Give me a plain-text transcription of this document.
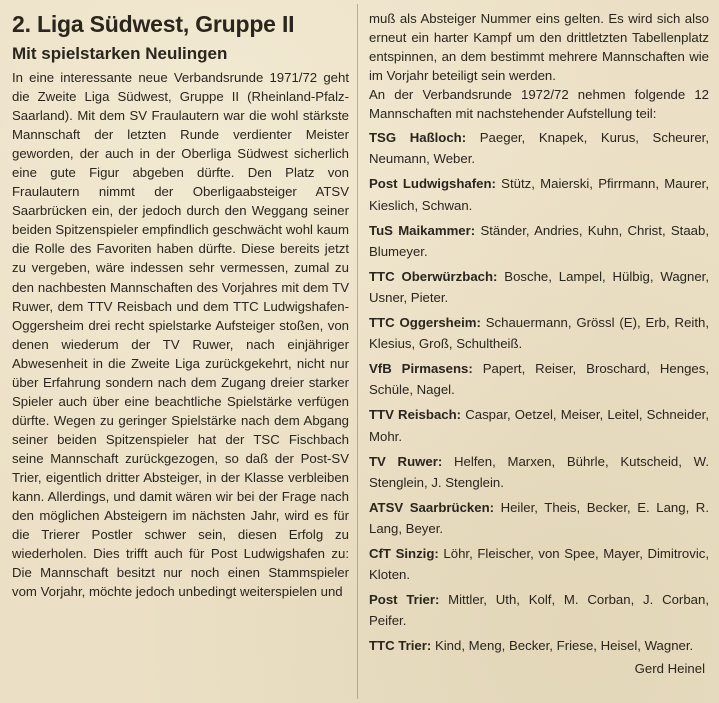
2. Liga Südwest, Gruppe II
Mit spielstarken Neulingen

In eine interessante neue Verbandsrunde 1971/72 geht die Zweite Liga Südwest, Gruppe II (Rheinland-Pfalz-Saarland). Mit dem SV Fraulautern war die wohl stärkste Mannschaft der letzten Runde verdienter Meister geworden, der auch in der Oberliga Südwest sicherlich eine gute Figur abgeben dürfte. Den Platz von Fraulautern nimmt der Oberligaabsteiger ATSV Saarbrücken ein, der jedoch durch den Weggang seiner beiden Spitzenspieler empfindlich geschwächt wohl kaum die Rolle des Favoriten haben dürfte. Diese bereits jetzt zu vergeben, wäre indessen sehr vermessen, zumal zu den nachbesten Mannschaften des Vorjahres mit dem TV Ruwer, dem TTV Reisbach und dem TTC Ludwigshafen-Oggersheim drei recht spielstarke Aufsteiger stoßen, von denen wiederum der TV Ruwer, nach einjähriger Abwesenheit in die Zweite Liga zurückgekehrt, nicht nur über Erfahrung sondern nach dem Zugang dreier starker Spieler auch über eine beachtliche Spielstärke verfügen dürfte. Wegen zu geringer Spielstärke nach dem Abgang seiner beiden Spitzenspieler hat der TSC Fischbach seine Mannschaft zurückgezogen, so daß der Post-SV Trier, eigentlich dritter Absteiger, in der Klasse verbleiben kann. Allerdings, und damit wären wir bei der Frage nach den möglichen Absteigern im nächsten Jahr, wird es für die Trierer Postler schwer sein, diesen Erfolg zu wiederholen. Dies trifft auch für Post Ludwigshafen zu: Die Mannschaft besitzt nur noch einen Stammspieler vom Vorjahr, möchte jedoch unbedingt weiterspielen und

muß als Absteiger Nummer eins gelten. Es wird sich also erneut ein harter Kampf um den drittletzten Tabellenplatz entspinnen, an dem bestimmt mehrere Mannschaften wie im Vorjahr beteiligt sein werden.

An der Verbandsrunde 1972/72 nehmen folgende 12 Mannschaften mit nachstehender Aufstellung teil:

TSG Haßloch: Paeger, Knapek, Kurus, Scheurer, Neumann, Weber.

Post Ludwigshafen: Stütz, Maierski, Pfirrmann, Maurer, Kieslich, Schwan.

TuS Maikammer: Ständer, Andries, Kuhn, Christ, Staab, Blumeyer.

TTC Oberwürzbach: Bosche, Lampel, Hülbig, Wagner, Usner, Pieter.

TTC Oggersheim: Schauermann, Grössl (E), Erb, Reith, Klesius, Groß, Schultheiß.

VfB Pirmasens: Papert, Reiser, Broschard, Henges, Schüle, Nagel.

TTV Reisbach: Caspar, Oetzel, Meiser, Leitel, Schneider, Mohr.

TV Ruwer: Helfen, Marxen, Bührle, Kutscheid, W. Stenglein, J. Stenglein.

ATSV Saarbrücken: Heiler, Theis, Becker, E. Lang, R. Lang, Beyer.

CfT Sinzig: Löhr, Fleischer, von Spee, Mayer, Dimitrovic, Kloten.

Post Trier: Mittler, Uth, Kolf, M. Corban, J. Corban, Peifer.

TTC Trier: Kind, Meng, Becker, Friese, Heisel, Wagner.

Gerd Heinel
